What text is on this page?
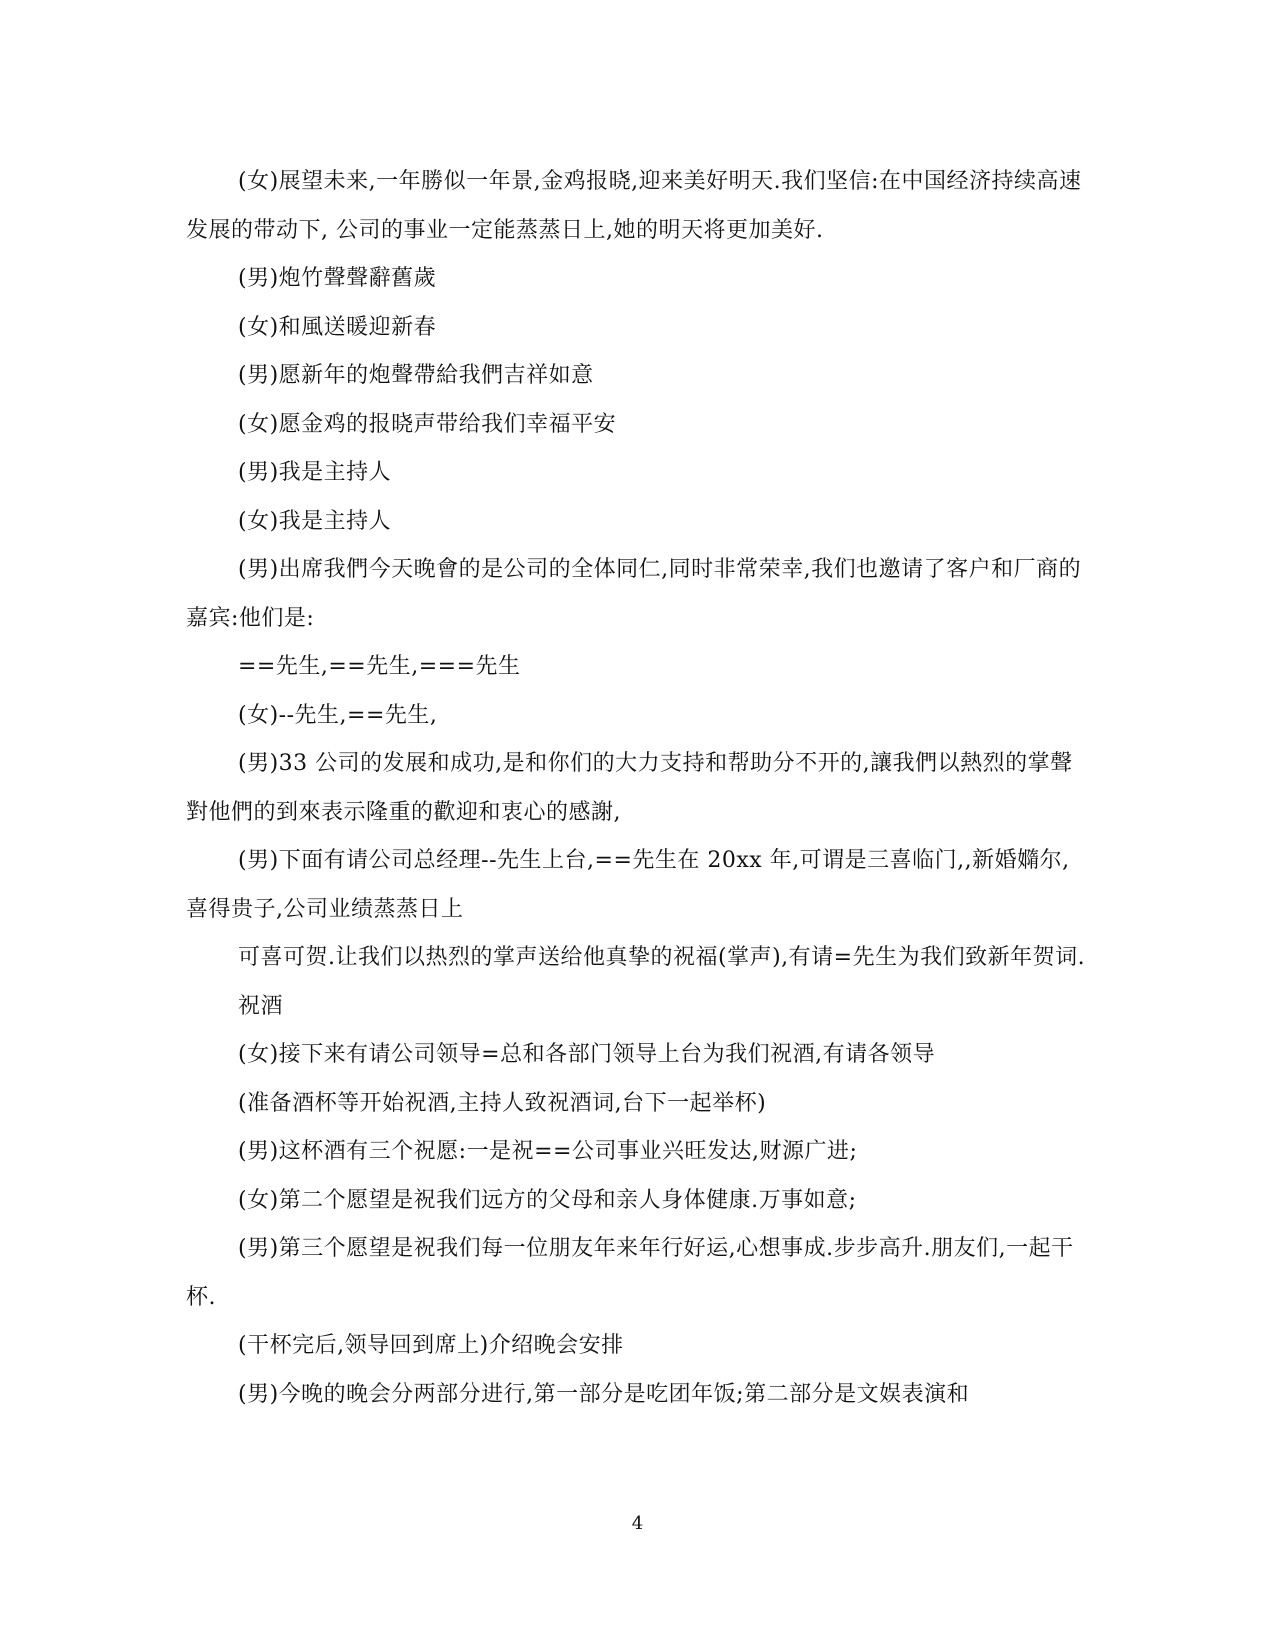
(女)展望未来,一年勝似一年景,金鸡报晓,迎来美好明天.我们坚信:在中国经济持续高速发展的带动下, 公司的事业一定能蒸蒸日上,她的明天将更加美好.

(男)炮竹聲聲辭舊歲

(女)和風送暖迎新春

(男)愿新年的炮聲帶給我們吉祥如意

(女)愿金鸡的报晓声带给我们幸福平安

(男)我是主持人

(女)我是主持人

(男)出席我們今天晚會的是公司的全体同仁,同时非常荣幸,我们也邀请了客户和厂商的嘉宾:他们是:

==先生,==先生,===先生

(女)--先生,==先生,

(男)33 公司的发展和成功,是和你们的大力支持和帮助分不开的,讓我們以熱烈的掌聲對他們的到來表示隆重的歡迎和衷心的感謝,

(男)下面有请公司总经理--先生上台,==先生在 20xx 年,可谓是三喜临门,,新婚嫷尔,喜得贵子,公司业绩蒸蒸日上

可喜可贺.让我们以热烈的掌声送给他真挚的祝福(掌声),有请=先生为我们致新年贺词.

祝酒

(女)接下来有请公司领导=总和各部门领导上台为我们祝酒,有请各领导

(准备酒杯等开始祝酒,主持人致祝酒词,台下一起举杯)

(男)这杯酒有三个祝愿:一是祝==公司事业兴旺发达,财源广进;

(女)第二个愿望是祝我们远方的父母和亲人身体健康.万事如意;

(男)第三个愿望是祝我们每一位朋友年来年行好运,心想事成.步步高升.朋友们,一起干杯.

(干杯完后,领导回到席上)介绍晚会安排

(男)今晚的晚会分两部分进行,第一部分是吃团年饭;第二部分是文娱表演和

4
